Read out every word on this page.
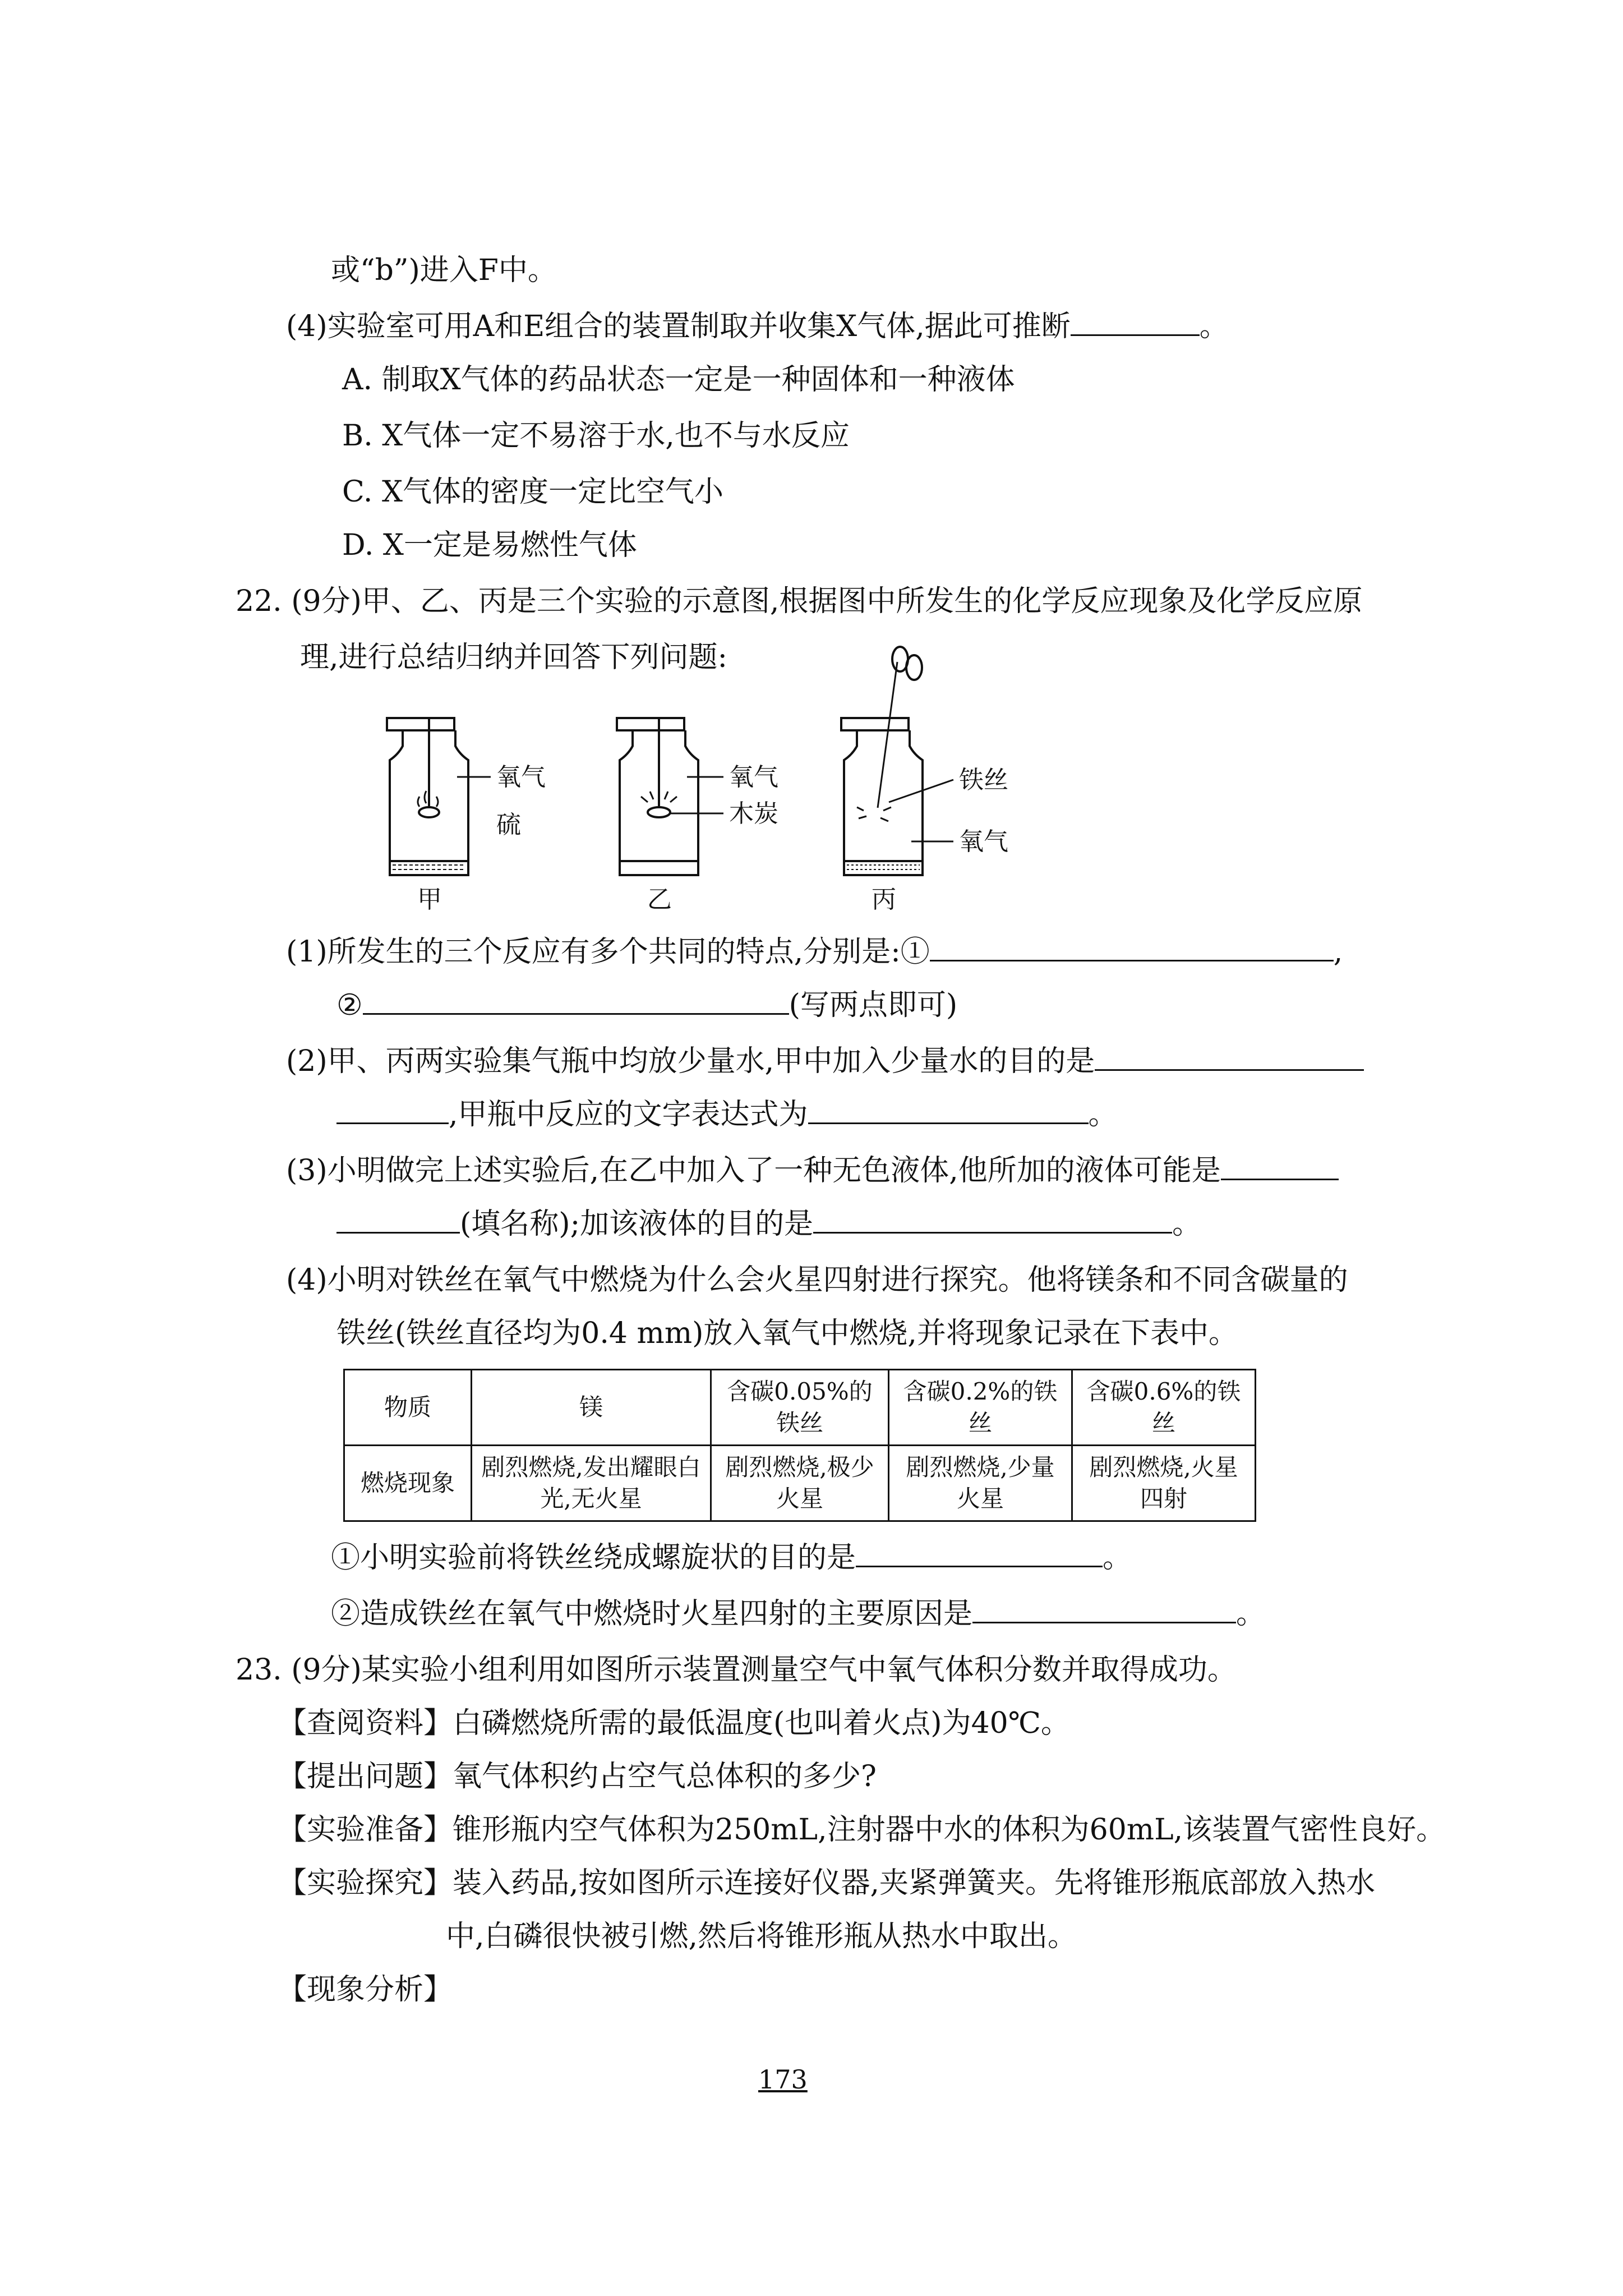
或“b”)进入F中。
(4)实验室可用A和E组合的装置制取并收集X气体,据此可推断	。
A. 制取X气体的药品状态一定是一种固体和一种液体
B. X气体一定不易溶于水,也不与水反应
C. X气体的密度一定比空气小
D. X一定是易燃性气体
22. (9分)甲、乙、丙是三个实验的示意图,根据图中所发生的化学反应现象及化学反应原
理,进行总结归纳并回答下列问题:
氧气
硫
甲
氧气
木炭
乙
铁丝
氧气
丙
(1)所发生的三个反应有多个共同的特点,分别是:①	,
②	(写两点即可)
(2)甲、丙两实验集气瓶中均放少量水,甲中加入少量水的目的是
,甲瓶中反应的文字表达式为	。
(3)小明做完上述实验后,在乙中加入了一种无色液体,他所加的液体可能是
(填名称);加该液体的目的是	。
(4)小明对铁丝在氧气中燃烧为什么会火星四射进行探究。他将镁条和不同含碳量的
铁丝(铁丝直径均为0.4 mm)放入氧气中燃烧,并将现象记录在下表中。
物质	镁	含碳0.05%的铁丝	含碳0.2%的铁丝	含碳0.6%的铁丝
燃烧现象	剧烈燃烧,发出耀眼白光,无火星	剧烈燃烧,极少火星	剧烈燃烧,少量火星	剧烈燃烧,火星四射
①小明实验前将铁丝绕成螺旋状的目的是	。
②造成铁丝在氧气中燃烧时火星四射的主要原因是	。
23. (9分)某实验小组利用如图所示装置测量空气中氧气体积分数并取得成功。
【查阅资料】白磷燃烧所需的最低温度(也叫着火点)为40℃。
【提出问题】氧气体积约占空气总体积的多少?
【实验准备】锥形瓶内空气体积为250mL,注射器中水的体积为60mL,该装置气密性良好。
【实验探究】装入药品,按如图所示连接好仪器,夹紧弹簧夹。先将锥形瓶底部放入热水
中,白磷很快被引燃,然后将锥形瓶从热水中取出。
【现象分析】
173
